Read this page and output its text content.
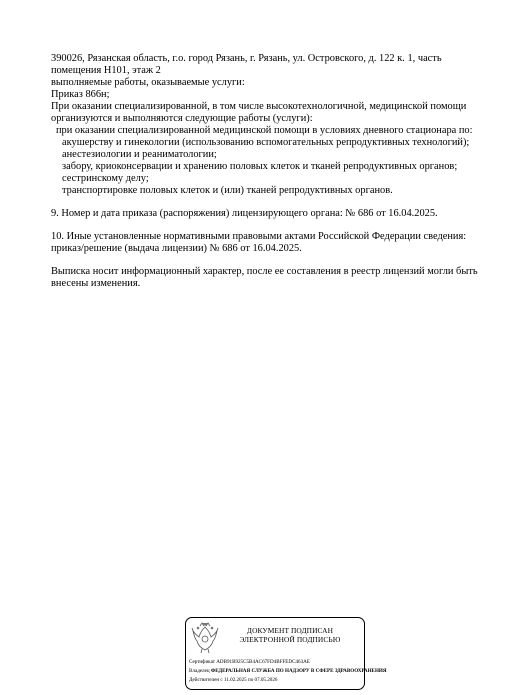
390026, Рязанская область, г.о. город Рязань, г. Рязань, ул. Островского, д. 122 к. 1, часть
помещения Н101, этаж 2
выполняемые работы, оказываемые услуги:
Приказ 866н;
При оказании специализированной, в том числе высокотехнологичной, медицинской помощи
организуются и выполняются следующие работы (услуги):
при оказании специализированной медицинской помощи в условиях дневного стационара по:
акушерству и гинекологии (использованию вспомогательных репродуктивных технологий);
анестезиологии и реаниматологии;
забору, криоконсервации и хранению половых клеток и тканей репродуктивных органов;
сестринскому делу;
транспортировке половых клеток и (или) тканей репродуктивных органов.
9. Номер и дата приказа (распоряжения) лицензирующего органа: № 686 от 16.04.2025.
10. Иные установленные нормативными правовыми актами Российской Федерации сведения:
приказ/решение (выдача лицензии) № 686 от 16.04.2025.
Выписка носит информационный характер, после ее составления в реестр лицензий могли быть
внесены изменения.
ДОКУМЕНТ ПОДПИСАН
ЭЛЕКТРОННОЙ ПОДПИСЬЮ
Сертификат ADB91B925C5B4AC67FD4BFFEDC463AE
Владелец ФЕДЕРАЛЬНАЯ СЛУЖБА ПО НАДЗОРУ В СФЕРЕ ЗДРАВООХРАНЕНИЯ
Действителен с 11.02.2025 по 07.05.2026
